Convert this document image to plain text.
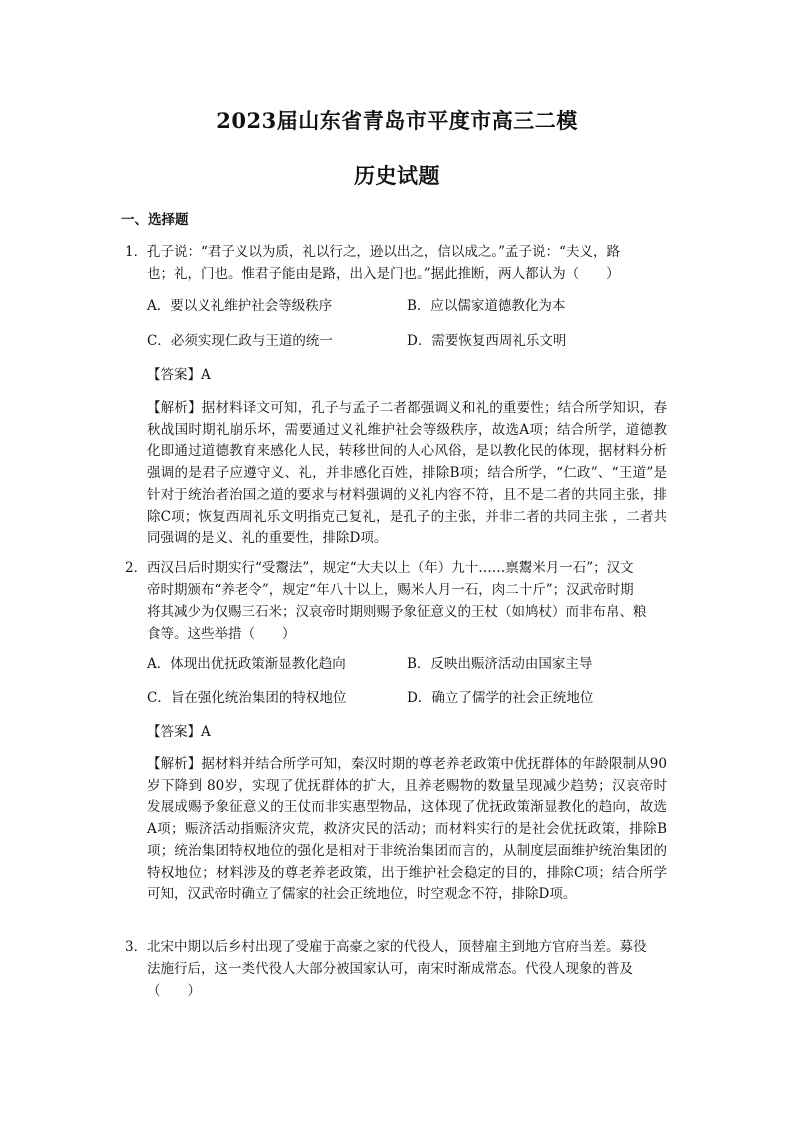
2023届山东省青岛市平度市高三二模
历史试题
一、选择题
1． 孔子说：“君子义以为质，礼以行之，逊以出之，信以成之。”孟子说：“夫义，路
也；礼，门也。惟君子能由是路，出入是门也。”据此推断，两人都认为（　　）
A．要以义礼维护社会等级秩序	B．应以儒家道德教化为本
C．必须实现仁政与王道的统一	D．需要恢复西周礼乐文明
【答案】A
【解析】据材料译文可知，孔子与孟子二者都强调义和礼的重要性；结合所学知识，春秋战国时期礼崩乐坏，需要通过义礼维护社会等级秩序，故选A项；结合所学，道德教化即通过道德教育来感化人民，转移世间的人心风俗，是以教化民的体现，据材料分析强调的是君子应遵守义、礼，并非感化百姓，排除B项；结合所学，“仁政”、“王道”是针对于统治者治国之道的要求与材料强调的义礼内容不符，且不是二者的共同主张，排除C项；恢复西周礼乐文明指克己复礼，是孔子的主张，并非二者的共同主张 ，二者共同强调的是义、礼的重要性，排除D项。
2． 西汉吕后时期实行“受鬻法”，规定“大夫以上（年）九十……禀鬻米月一石”；汉文
帝时期颁布“养老令”，规定“年八十以上，赐米人月一石，肉二十斤”；汉武帝时期
将其减少为仅赐三石米；汉哀帝时期则赐予象征意义的王杖（如鸠杖）而非布帛、粮
食等。这些举措（　　）
A．体现出优抚政策渐显教化趋向	B．反映出赈济活动由国家主导
C．旨在强化统治集团的特权地位	D．确立了儒学的社会正统地位
【答案】A
【解析】据材料并结合所学可知，秦汉时期的尊老养老政策中优抚群体的年龄限制从90岁下降到 80岁，实现了优抚群体的扩大，且养老赐物的数量呈现减少趋势；汉哀帝时发展成赐予象征意义的王仗而非实惠型物品，这体现了优抚政策渐显教化的趋向，故选A项；赈济活动指赈济灾荒，救济灾民的活动；而材料实行的是社会优抚政策，排除B项；统治集团特权地位的强化是相对于非统治集团而言的，从制度层面维护统治集团的特权地位；材料涉及的尊老养老政策，出于维护社会稳定的目的，排除C项；结合所学可知，汉武帝时确立了儒家的社会正统地位，时空观念不符，排除D项。
3． 北宋中期以后乡村出现了受雇于高豪之家的代役人，顶替雇主到地方官府当差。募役
法施行后，这一类代役人大部分被国家认可，南宋时渐成常态。代役人现象的普及
（　　）
